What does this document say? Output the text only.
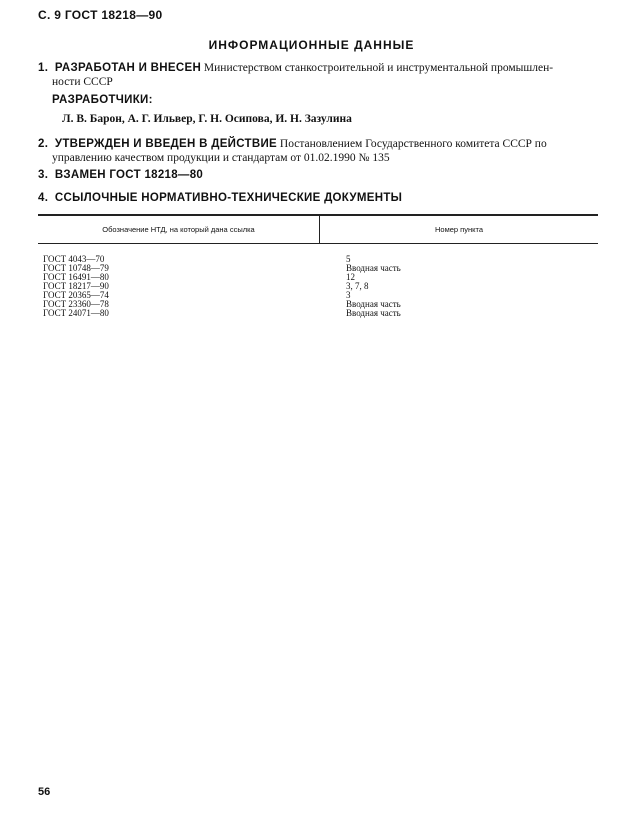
С. 9 ГОСТ 18218—90
ИНФОРМАЦИОННЫЕ ДАННЫЕ
1. РАЗРАБОТАН И ВНЕСЕН Министерством станкостроительной и инструментальной промышлен-
ности СССР
РАЗРАБОТЧИКИ:
Л. В. Барон, А. Г. Ильвер, Г. Н. Осипова, И. Н. Зазулина
2. УТВЕРЖДЕН И ВВЕДЕН В ДЕЙСТВИЕ Постановлением Государственного комитета СССР по
управлению качеством продукции и стандартам от 01.02.1990 № 135
3. ВЗАМЕН ГОСТ 18218—80
4. ССЫЛОЧНЫЕ НОРМАТИВНО-ТЕХНИЧЕСКИЕ ДОКУМЕНТЫ
Обозначение НТД, на который дана ссылка	Номер пункта
ГОСТ 4043—70	5
ГОСТ 10748—79	Вводная часть
ГОСТ 16491—80	12
ГОСТ 18217—90	3, 7, 8
ГОСТ 20365—74	3
ГОСТ 23360—78	Вводная часть
ГОСТ 24071—80	Вводная часть
56
